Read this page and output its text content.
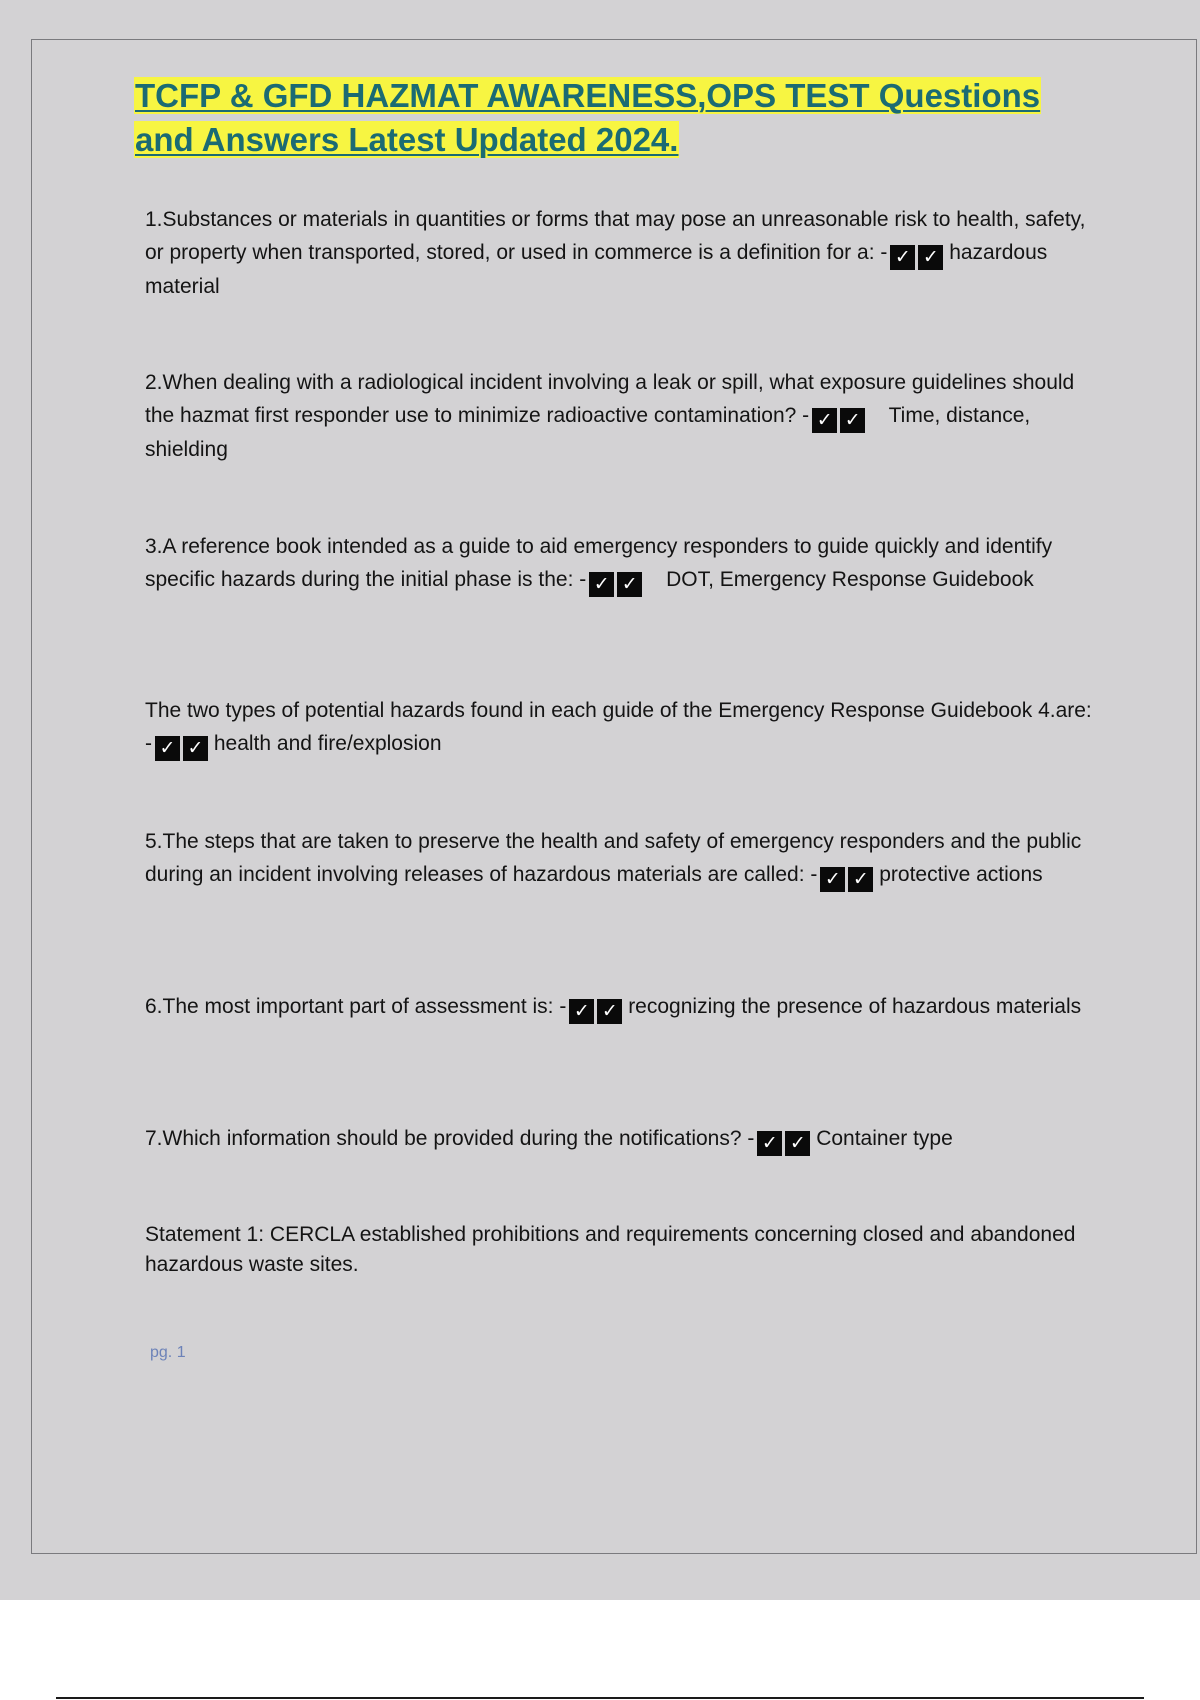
TCFP & GFD HAZMAT AWARENESS,OPS TEST Questions and Answers Latest Updated 2024.

1.Substances or materials in quantities or forms that may pose an unreasonable risk to health, safety, or property when transported, stored, or used in commerce is a definition for a: - ✓ ✓ hazardous material

2.When dealing with a radiological incident involving a leak or spill, what exposure guidelines should the hazmat first responder use to minimize radioactive contamination? - ✓ ✓ Time, distance, shielding

3.A reference book intended as a guide to aid emergency responders to guide quickly and identify specific hazards during the initial phase is the: - ✓ ✓ DOT, Emergency Response Guidebook

The two types of potential hazards found in each guide of the Emergency Response Guidebook 4.are: - ✓ ✓ health and fire/explosion

5.The steps that are taken to preserve the health and safety of emergency responders and the public during an incident involving releases of hazardous materials are called: - ✓ ✓ protective actions

6.The most important part of assessment is: - ✓ ✓ recognizing the presence of hazardous materials

7.Which information should be provided during the notifications? - ✓ ✓ Container type

Statement 1: CERCLA established prohibitions and requirements concerning closed and abandoned hazardous waste sites.

pg. 1
